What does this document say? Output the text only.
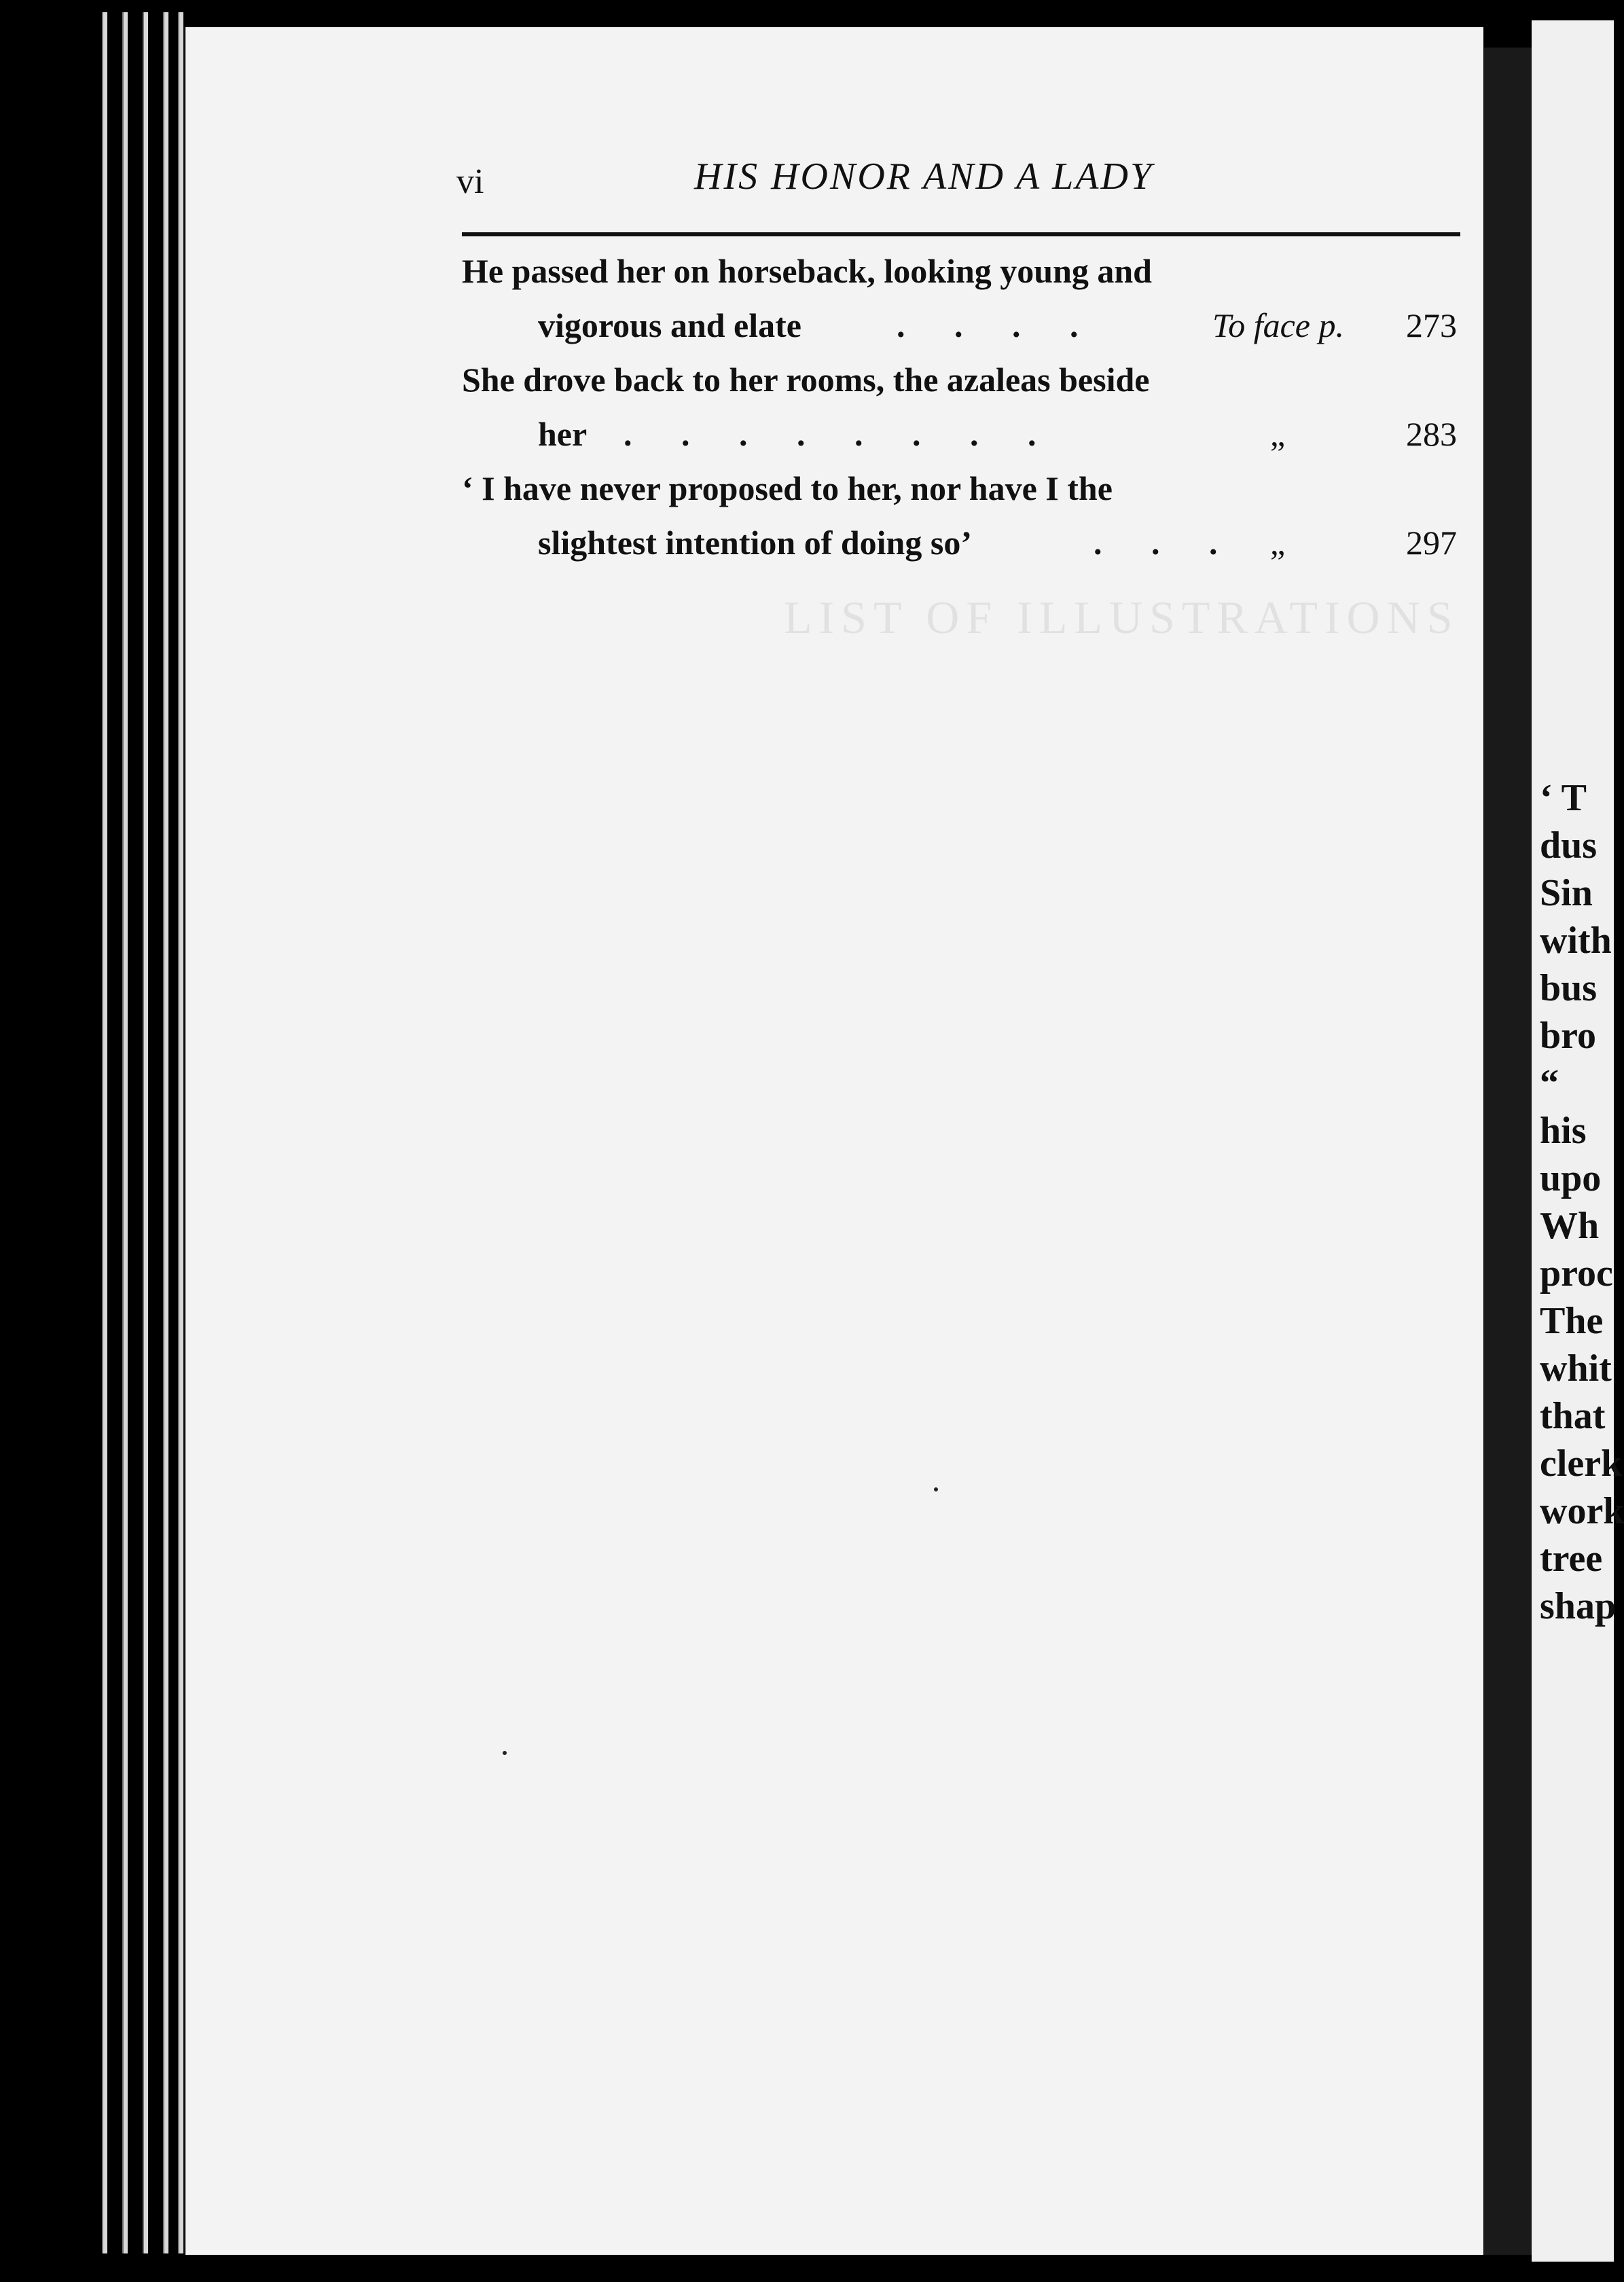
LIST OF ILLUSTRATIONS
vi	HIS HONOR AND A LADY
He passed her on horseback, looking young and
vigorous and elate	. . . .	To face p. 273
She drove back to her rooms, the azaleas beside
her . . . . . . . .	„	283
‘ I have never proposed to her, nor have I the
slightest intention of doing so’	. . . „	297
‘ T
dus
Sin
with
bus
bro
“
his
upo
Wh
proc
The
whit
that
clerk
work
tree
shap
